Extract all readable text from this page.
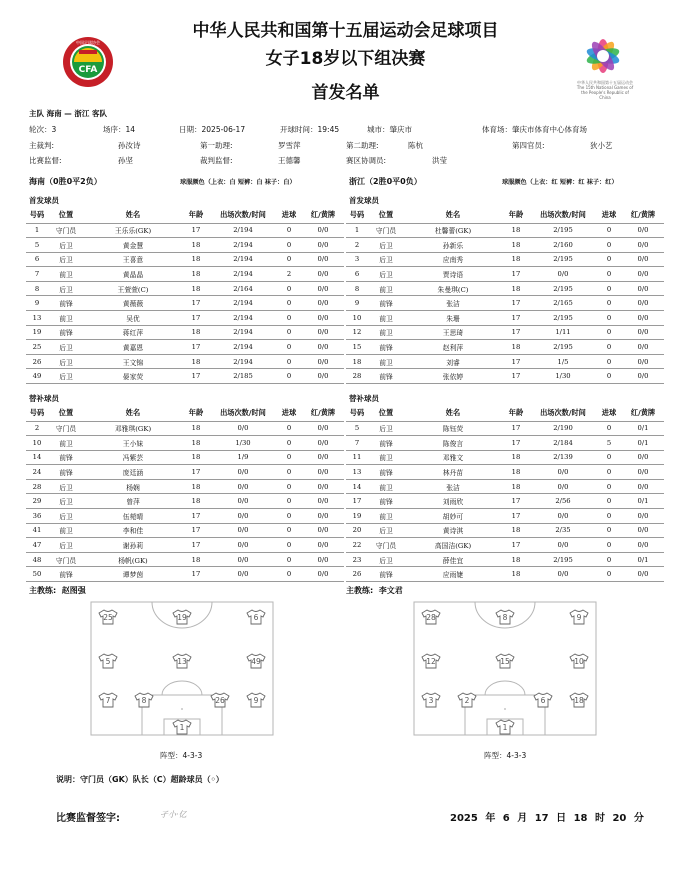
中华人民共和国第十五届运动会足球项目
女子18岁以下组决赛
首发名单
CFA
中国足球协会
中华人民共和国第十五届运动会 The 15th National Games of the People's Republic of China
主队 海南 — 浙江 客队
轮次：3	场序：14	日期：2025-06-17	开球时间：19:45	城市：肇庆市	体育场：肇庆市体育中心体育场
主裁判:	孙汝诗	第一助理:	罗雪萍	第二助理:	陈杭	第四官员:	狄小艺
比赛监督:	孙坚	裁判监督:	王德馨	赛区协调员:	洪莹
海南（0胜0平2负）	球服颜色（上衣：白 短裤：白 袜子：白）	浙江（2胜0平0负）	球服颜色（上衣：红 短裤：红 袜子：红）
首发球员	首发球员
号码	位置	姓名	年龄	出场次数/时间	进球	红/黄牌
1	守门员	王乐乐(GK)	17	2/194	0	0/0
5	后卫	黄金慧	18	2/194	0	0/0
6	后卫	王喜意	18	2/194	0	0/0
7	前卫	黄晶晶	18	2/194	2	0/0
8	后卫	王萱萱(C)	18	2/164	0	0/0
9	前锋	黄薇薇	17	2/194	0	0/0
13	前卫	吴优	17	2/194	0	0/0
19	前锋	蒋红萍	18	2/194	0	0/0
25	后卫	黄嘉恩	17	2/194	0	0/0
26	后卫	王文锦	18	2/194	0	0/0
49	后卫	晏家荧	17	2/185	0	0/0
号码	位置	姓名	年龄	出场次数/时间	进球	红/黄牌
1	守门员	杜馨蕾(GK)	18	2/195	0	0/0
2	后卫	孙新乐	18	2/160	0	0/0
3	后卫	应南秀	18	2/195	0	0/0
6	后卫	贾诗语	17	0/0	0	0/0
8	前卫	朱曼琪(C)	18	2/195	0	0/0
9	前锋	张洁	17	2/165	0	0/0
10	前卫	朱珊	17	2/195	0	0/0
12	前卫	王思琦	17	1/11	0	0/0
15	前锋	赵利萍	18	2/195	0	0/0
18	前卫	刘睿	17	1/5	0	0/0
28	前锋	张依婷	17	1/30	0	0/0
替补球员	替补球员
号码	位置	姓名	年龄	出场次数/时间	进球	红/黄牌
2	守门员	邓雅琪(GK)	18	0/0	0	0/0
10	前卫	王小妹	18	1/30	0	0/0
14	前锋	冯紫芸	18	1/9	0	0/0
24	前锋	庞廷涵	17	0/0	0	0/0
28	后卫	杨娴	18	0/0	0	0/0
29	后卫	曾萍	18	0/0	0	0/0
36	后卫	伍菀晴	17	0/0	0	0/0
41	前卫	李和佳	17	0/0	0	0/0
47	后卫	谢孙莉	17	0/0	0	0/0
48	守门员	杨帆(GK)	18	0/0	0	0/0
50	前锋	谭梦茵	17	0/0	0	0/0
号码	位置	姓名	年龄	出场次数/时间	进球	红/黄牌
5	后卫	陈钰荧	17	2/190	0	0/1
7	前锋	陈俊言	17	2/184	5	0/1
11	前卫	邓雅文	18	2/139	0	0/0
13	前锋	林丹苗	18	0/0	0	0/0
14	前卫	张洁	18	0/0	0	0/0
17	前锋	刘雨欣	17	2/56	0	0/1
19	前卫	胡妙可	17	0/0	0	0/0
20	后卫	黄诗淇	18	2/35	0	0/0
22	守门员	高国洁(GK)	17	0/0	0	0/0
23	后卫	薛佳宜	18	2/195	0	0/1
26	前锋	应雨婕	18	0/0	0	0/0
主教练: 赵图强	主教练: 李文君
25	19	6
5	13	49
7	8	26	9
1
28	8	9
12	15	10
3	2	6	18
1
阵型：4-3-3	阵型：4-3-3
说明：守门员（GK）队长（C）超龄球员（◦）
比赛监督签字:	孑小·亿	2025 年 6 月 17 日 18 时 20 分
